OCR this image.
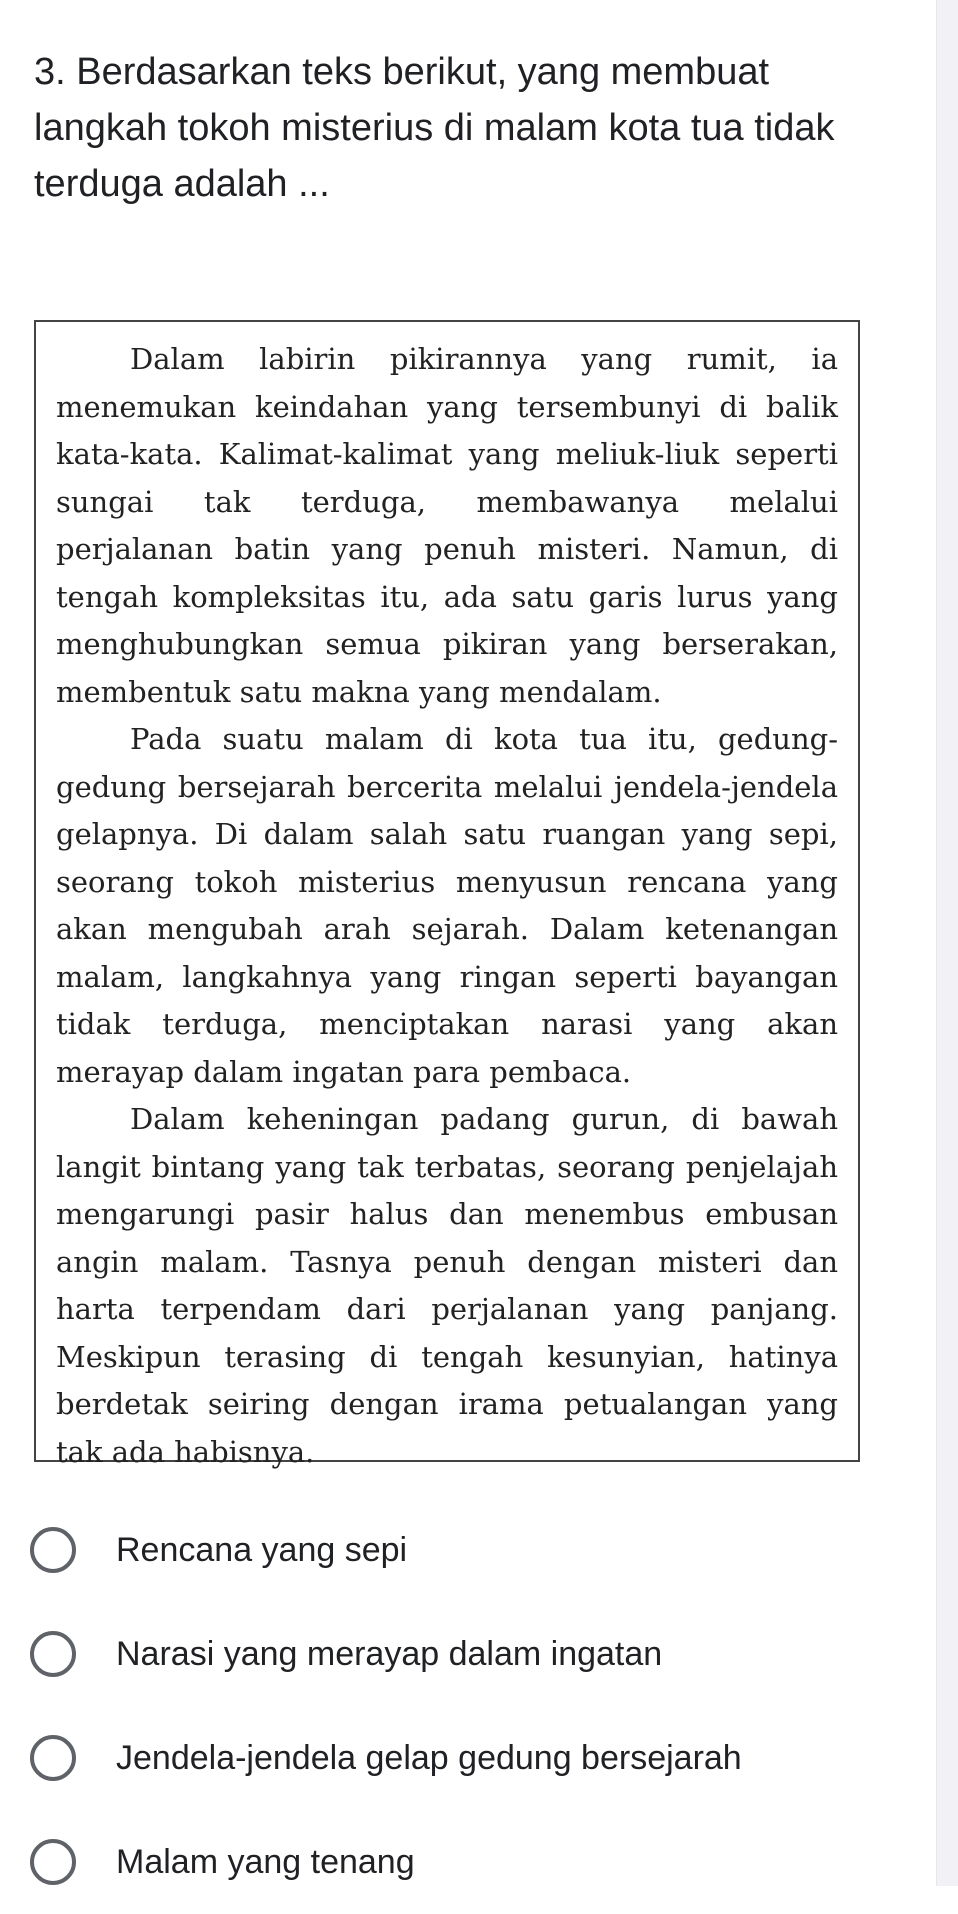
3. Berdasarkan teks berikut, yang membuat langkah tokoh misterius di malam kota tua tidak terduga adalah ...

Dalam labirin pikirannya yang rumit, ia menemukan keindahan yang tersembunyi di balik kata-kata. Kalimat-kalimat yang meliuk-liuk seperti sungai tak terduga, membawanya melalui perjalanan batin yang penuh misteri. Namun, di tengah kompleksitas itu, ada satu garis lurus yang menghubungkan semua pikiran yang berserakan, membentuk satu makna yang mendalam.

Pada suatu malam di kota tua itu, gedung-gedung bersejarah bercerita melalui jendela-jendela gelapnya. Di dalam salah satu ruangan yang sepi, seorang tokoh misterius menyusun rencana yang akan mengubah arah sejarah. Dalam ketenangan malam, langkahnya yang ringan seperti bayangan tidak terduga, menciptakan narasi yang akan merayap dalam ingatan para pembaca.

Dalam keheningan padang gurun, di bawah langit bintang yang tak terbatas, seorang penjelajah mengarungi pasir halus dan menembus embusan angin malam. Tasnya penuh dengan misteri dan harta terpendam dari perjalanan yang panjang. Meskipun terasing di tengah kesunyian, hatinya berdetak seiring dengan irama petualangan yang tak ada habisnya.

Rencana yang sepi
Narasi yang merayap dalam ingatan
Jendela-jendela gelap gedung bersejarah
Malam yang tenang
